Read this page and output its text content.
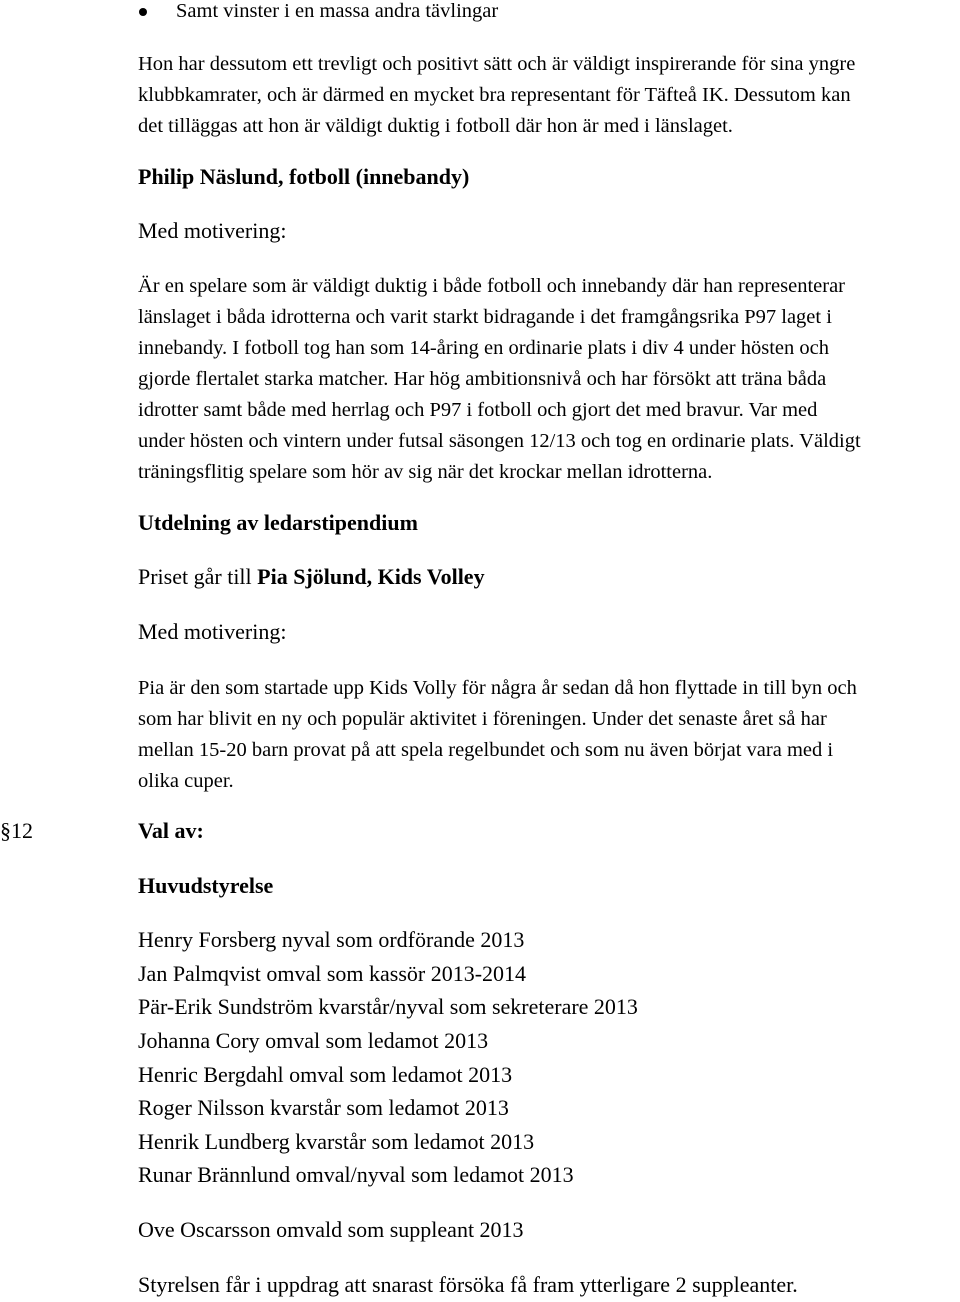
Samt vinster i en massa andra tävlingar
Hon har dessutom ett trevligt och positivt sätt och är väldigt inspirerande för sina yngre
klubbkamrater, och är därmed en mycket bra representant för Täfteå IK. Dessutom kan
det tilläggas att hon är väldigt duktig i fotboll där hon är med i länslaget.
Philip Näslund, fotboll (innebandy)
Med motivering:
Är en spelare som är väldigt duktig i både fotboll och innebandy där han representerar
länslaget i båda idrotterna och varit starkt bidragande i det framgångsrika P97 laget i
innebandy. I fotboll tog han som 14-åring en ordinarie plats i div 4 under hösten och
gjorde flertalet starka matcher. Har hög ambitionsnivå och har försökt att träna båda
idrotter samt både med herrlag och P97 i fotboll och gjort det med bravur. Var med
under hösten och vintern under futsal säsongen 12/13 och tog en ordinarie plats. Väldigt
träningsflitig spelare som hör av sig när det krockar mellan idrotterna.
Utdelning av ledarstipendium
Priset går till Pia Sjölund, Kids Volley
Med motivering:
Pia är den som startade upp Kids Volly för några år sedan då hon flyttade in till byn och
som har blivit en ny och populär aktivitet i föreningen. Under det senaste året så har
mellan 15-20 barn provat på att spela regelbundet och som nu även börjat vara med i
olika cuper.
§12	Val av:
Huvudstyrelse
Henry Forsberg nyval som ordförande 2013
Jan Palmqvist omval som kassör 2013-2014
Pär-Erik Sundström kvarstår/nyval som sekreterare 2013
Johanna Cory omval som ledamot 2013
Henric Bergdahl omval som ledamot 2013
Roger Nilsson kvarstår som ledamot 2013
Henrik Lundberg kvarstår som ledamot 2013
Runar Brännlund omval/nyval som ledamot 2013
Ove Oscarsson omvald som suppleant 2013
Styrelsen får i uppdrag att snarast försöka få fram ytterligare 2 suppleanter.
